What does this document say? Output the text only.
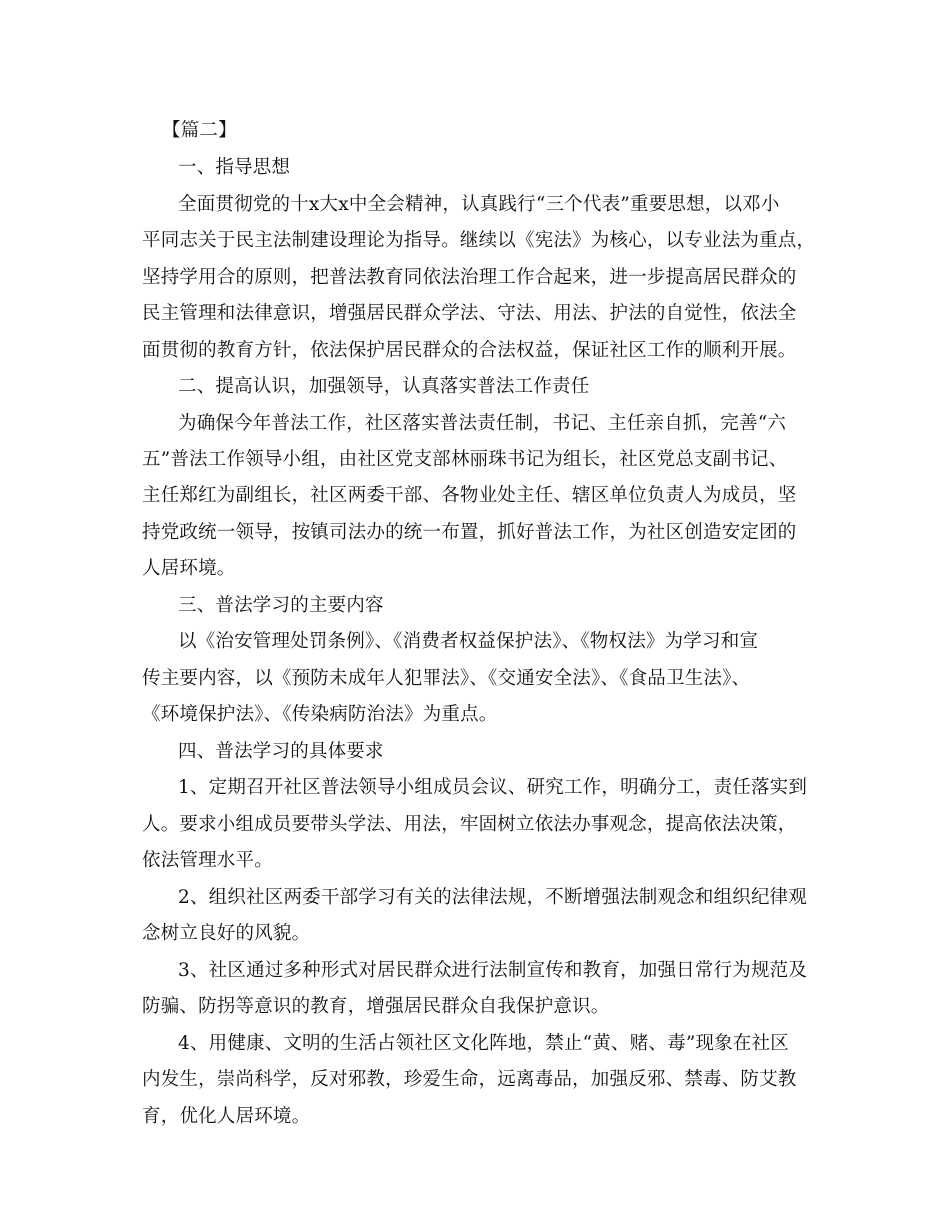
【篇二】
一、指导思想
全面贯彻党的十x大x中全会精神，认真践行“三个代表”重要思想，以邓小
平同志关于民主法制建设理论为指导。继续以《宪法》为核心，以专业法为重点，
坚持学用合的原则，把普法教育同依法治理工作合起来，进一步提高居民群众的
民主管理和法律意识，增强居民群众学法、守法、用法、护法的自觉性，依法全
面贯彻的教育方针，依法保护居民群众的合法权益，保证社区工作的顺利开展。
二、提高认识，加强领导，认真落实普法工作责任
为确保今年普法工作，社区落实普法责任制，书记、主任亲自抓，完善“六
五”普法工作领导小组，由社区党支部林丽珠书记为组长，社区党总支副书记、
主任郑红为副组长，社区两委干部、各物业处主任、辖区单位负责人为成员，坚
持党政统一领导，按镇司法办的统一布置，抓好普法工作，为社区创造安定团的
人居环境。
三、普法学习的主要内容
以《治安管理处罚条例》、《消费者权益保护法》、《物权法》为学习和宣
传主要内容，以《预防未成年人犯罪法》、《交通安全法》、《食品卫生法》、
《环境保护法》、《传染病防治法》为重点。
四、普法学习的具体要求
1、定期召开社区普法领导小组成员会议、研究工作，明确分工，责任落实到
人。要求小组成员要带头学法、用法，牢固树立依法办事观念，提高依法决策，
依法管理水平。
2、组织社区两委干部学习有关的法律法规，不断增强法制观念和组织纪律观
念树立良好的风貌。
3、社区通过多种形式对居民群众进行法制宣传和教育，加强日常行为规范及
防骗、防拐等意识的教育，增强居民群众自我保护意识。
4、用健康、文明的生活占领社区文化阵地，禁止“黄、赌、毒”现象在社区
内发生，崇尚科学，反对邪教，珍爱生命，远离毒品，加强反邪、禁毒、防艾教
育，优化人居环境。
